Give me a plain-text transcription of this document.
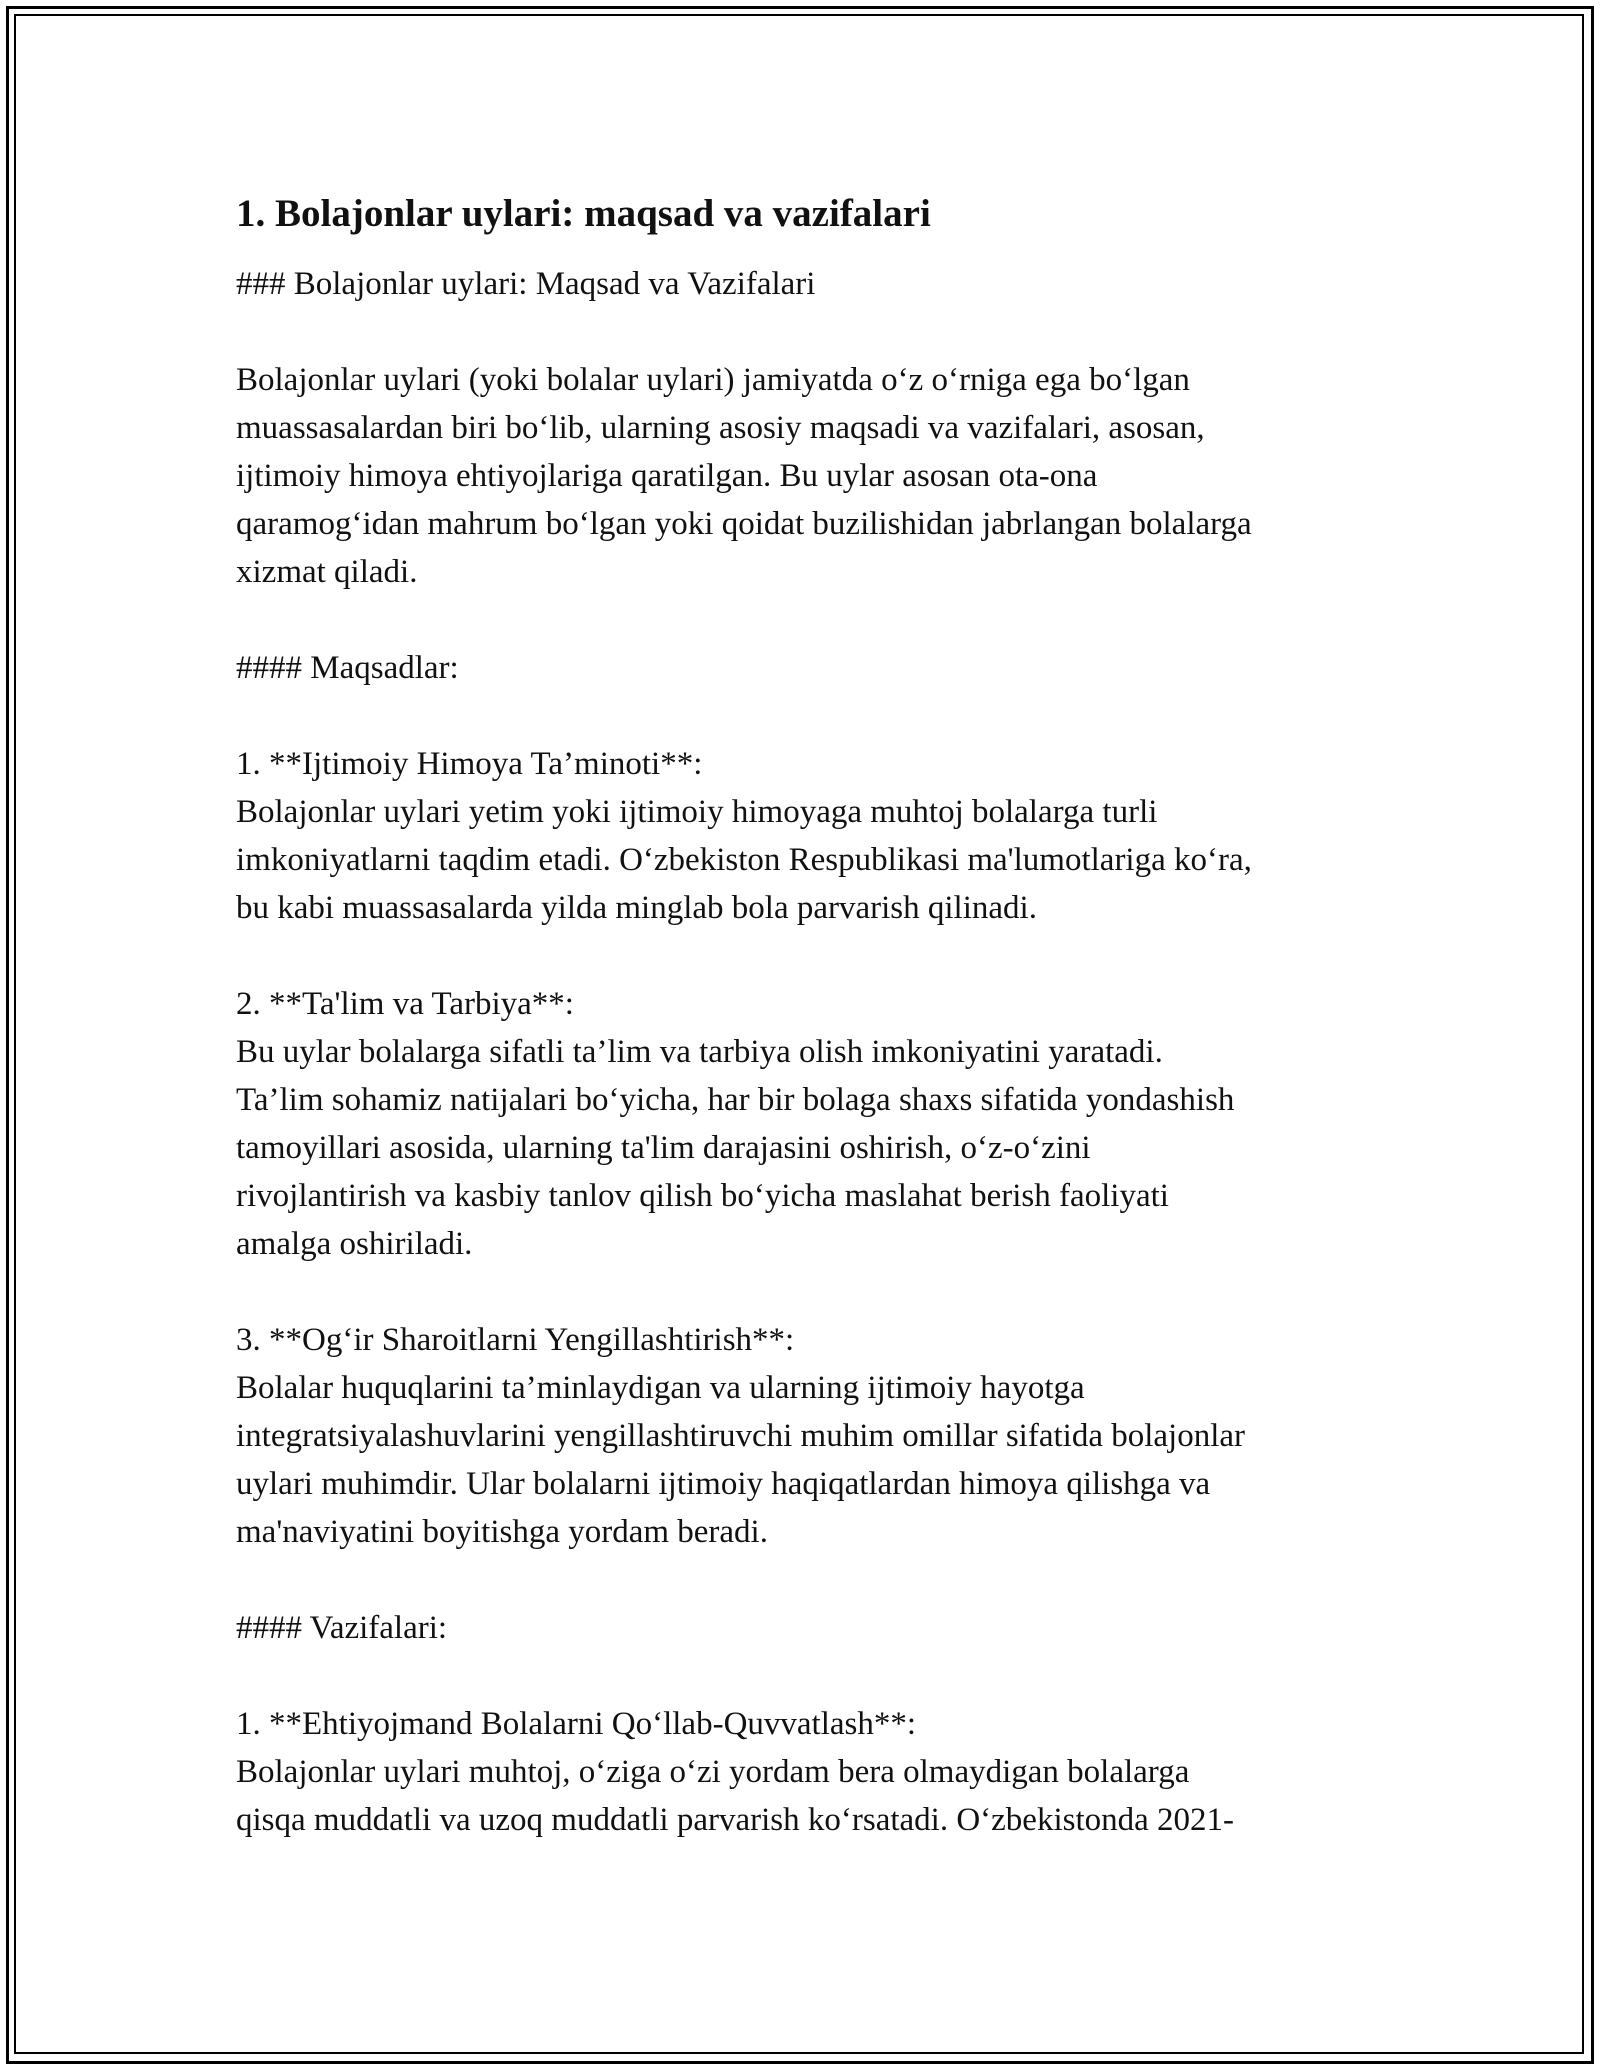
1. Bolajonlar uylari: maqsad va vazifalari

### Bolajonlar uylari: Maqsad va Vazifalari

Bolajonlar uylari (yoki bolalar uylari) jamiyatda o‘z o‘rniga ega bo‘lgan
muassasalardan biri bo‘lib, ularning asosiy maqsadi va vazifalari, asosan,
ijtimoiy himoya ehtiyojlariga qaratilgan. Bu uylar asosan ota-ona
qaramog‘idan mahrum bo‘lgan yoki qoidat buzilishidan jabrlangan bolalarga
xizmat qiladi.

#### Maqsadlar:

1. **Ijtimoiy Himoya Ta’minoti**:

Bolajonlar uylari yetim yoki ijtimoiy himoyaga muhtoj bolalarga turli
imkoniyatlarni taqdim etadi. O‘zbekiston Respublikasi ma'lumotlariga ko‘ra,
bu kabi muassasalarda yilda minglab bola parvarish qilinadi.

2. **Ta'lim va Tarbiya**:

Bu uylar bolalarga sifatli ta’lim va tarbiya olish imkoniyatini yaratadi.
Ta’lim sohamiz natijalari bo‘yicha, har bir bolaga shaxs sifatida yondashish
tamoyillari asosida, ularning ta'lim darajasini oshirish, o‘z-o‘zini
rivojlantirish va kasbiy tanlov qilish bo‘yicha maslahat berish faoliyati
amalga oshiriladi.

3. **Og‘ir Sharoitlarni Yengillashtirish**:

Bolalar huquqlarini ta’minlaydigan va ularning ijtimoiy hayotga
integratsiyalashuvlarini yengillashtiruvchi muhim omillar sifatida bolajonlar
uylari muhimdir. Ular bolalarni ijtimoiy haqiqatlardan himoya qilishga va
ma'naviyatini boyitishga yordam beradi.

#### Vazifalari:

1. **Ehtiyojmand Bolalarni Qo‘llab-Quvvatlash**:

Bolajonlar uylari muhtoj, o‘ziga o‘zi yordam bera olmaydigan bolalarga
qisqa muddatli va uzoq muddatli parvarish ko‘rsatadi. O‘zbekistonda 2021-
